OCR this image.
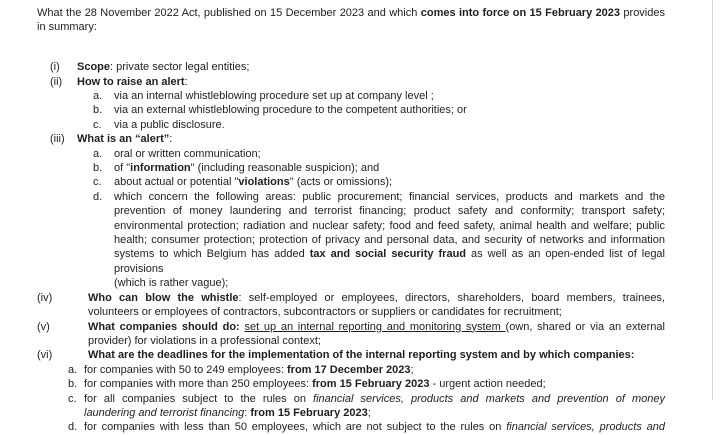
What the 28 November 2022 Act, published on 15 December 2023 and which comes into force on 15 February 2023 provides
in summary:

(i) Scope: private sector legal entities;
(ii) How to raise an alert:
a. via an internal whistleblowing procedure set up at company level ;
b. via an external whistleblowing procedure to the competent authorities; or
c. via a public disclosure.
(iii) What is an “alert”:
a. oral or written communication;
b. of "information" (including reasonable suspicion); and
c. about actual or potential "violations" (acts or omissions);
d. which concern the following areas: public procurement; financial services, products and markets and the
prevention of money laundering and terrorist financing; product safety and conformity; transport safety;
environmental protection; radiation and nuclear safety; food and feed safety, animal health and welfare; public
health; consumer protection; protection of privacy and personal data, and security of networks and information
systems to which Belgium has added tax and social security fraud as well as an open-ended list of legal provisions
(which is rather vague);
(iv)	Who can blow the whistle: self-employed or employees, directors, shareholders, board members, trainees,
volunteers or employees of contractors, subcontractors or suppliers or candidates for recruitment;
(v)	What companies should do: set up an internal reporting and monitoring system (own, shared or via an external
provider) for violations in a professional context;
(vi)	What are the deadlines for the implementation of the internal reporting system and by which companies:
a. for companies with 50 to 249 employees: from 17 December 2023;
b. for companies with more than 250 employees: from 15 February 2023 - urgent action needed;
c. for all companies subject to the rules on financial services, products and markets and prevention of money
laundering and terrorist financing: from 15 February 2023;
d. for companies with less than 50 employees, which are not subject to the rules on financial services, products and
